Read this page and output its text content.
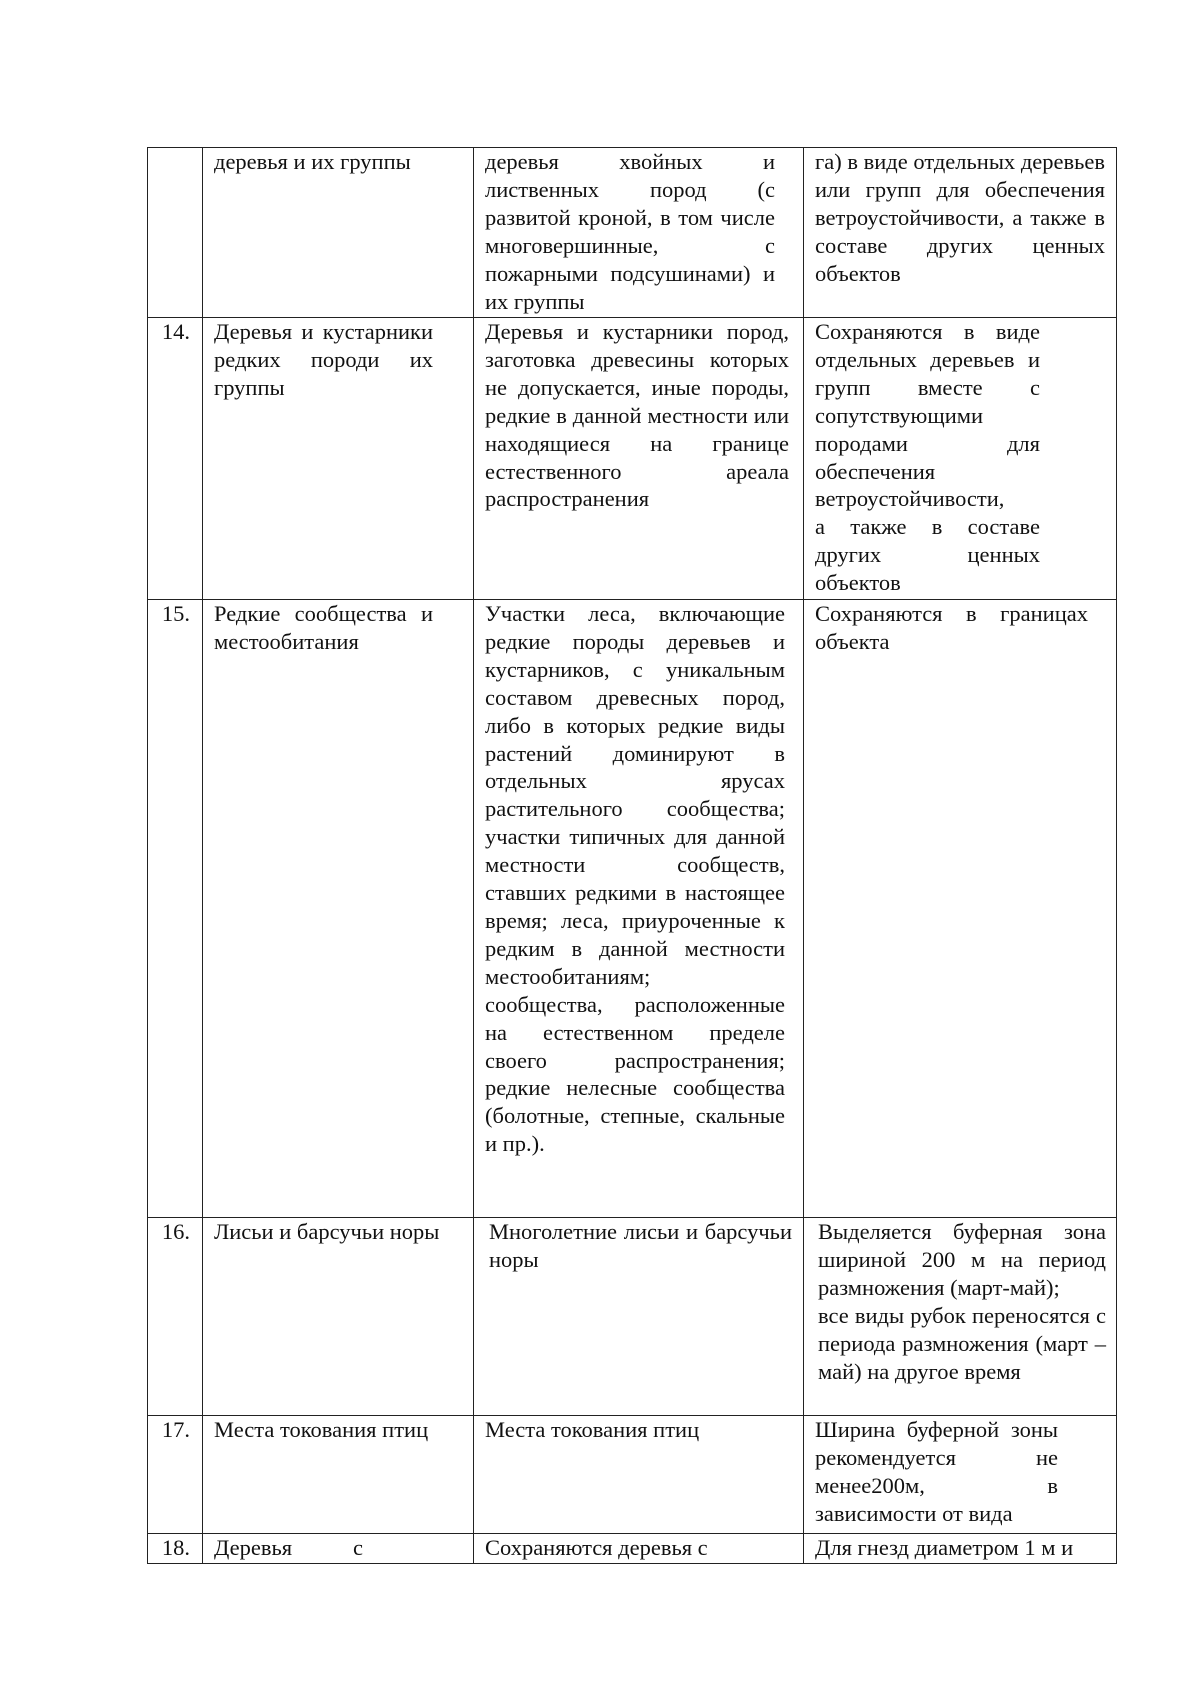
	деревья и их группы	деревья хвойных и лиственных пород (с развитой кроной, в том числе многовершинные, с пожарными подсушинами) и их группы	га) в виде отдельных деревьев или групп для обеспечения ветроустойчивости, а также в составе других ценных объектов
14.	Деревья и кустарники редких породи их группы	Деревья и кустарники пород, заготовка древесины которых не допускается, иные породы, редкие в данной местности или находящиеся на границе естественного ареала распространения	Сохраняются в виде отдельных деревьев и групп вместе с сопутствующими породами для обеспечения ветроустойчивости,
а также в составе других ценных объектов
15.	Редкие сообщества и местообитания	Участки леса, включающие редкие породы деревьев и кустарников, с уникальным составом древесных пород, либо в которых редкие виды растений доминируют в отдельных ярусах растительного сообщества; участки типичных для данной местности сообществ, ставших редкими в настоящее время; леса, приуроченные к редким в данной местности местообитаниям;
сообщества, расположенные на естественном пределе своего распространения; редкие нелесные сообщества (болотные, степные, скальные и пр.).	Сохраняются в границах объекта
16.	Лисьи и барсучьи норы	Многолетние лисьи и барсучьи норы	Выделяется буферная зона шириной 200 м на период размножения (март-май);
все виды рубок переносятся с периода размножения (март – май) на другое время
17.	Места токования птиц	Места токования птиц	Ширина буферной зоны рекомендуется не менее200м, в зависимости от вида
18.	Деревья с	Сохраняются деревья с	Для гнезд диаметром 1 м и
